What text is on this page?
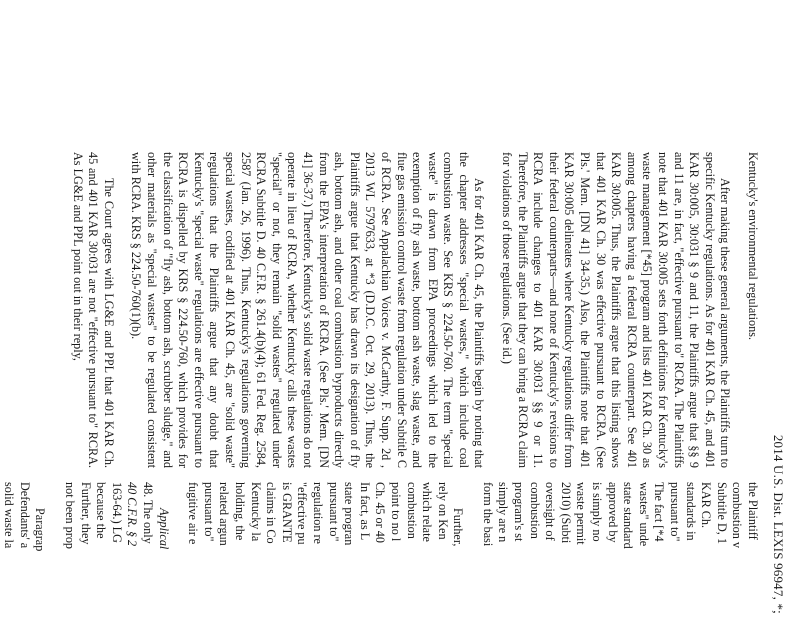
2014 U.S. Dist. LEXIS 96947, *;

Kentucky's environmental regulations.

After making these general arguments, the Plaintiffs turn to specific Kentucky regulations. As for 401 KAR Ch. 45, and 401 KAR 30:005, 30:031 § 9 and 11, the Plaintiffs argue that §§ 9 and 11 are, in fact, "effective pursuant to" RCRA. The Plaintiffs note that 401 KAR 30:005 sets forth definitions for Kentucky's waste management [*45] program and lists 401 KAR Ch. 30 as among chapters having a federal RCRA counterpart. See 401 KAR 30:005. Thus, the Plaintiffs argue that this listing shows that 401 KAR Ch. 30 was effective pursuant to RCRA. (See Pls.' Mem. [DN 41] 34-35.) Also, the Plaintiffs note that 401 KAR 30:005 delineates where Kentucky regulations differ from their federal counterparts—and none of Kentucky's revisions to RCRA include changes to 401 KAR 30:031 §§ 9 or 11. Therefore, the Plaintiffs argue that they can bring a RCRA claim for violations of those regulations. (See id.)

As for 401 KAR Ch. 45, the Plaintiffs begin by noting that the chapter addresses "special wastes," which include coal combustion waste. See KRS § 224.50-760. The term "special waste" is drawn from EPA proceedings which led to the exemption of fly ash waste, bottom ash waste, slag waste, and flue gas emission control waste from regulation under Subtitle C of RCRA. See Appalachian Voices v. McCarthy, F. Supp. 2d , 2013 WL 5797633, at *3 (D.D.C. Oct. 29, 2013). Thus, the Plaintiffs argue that Kentucky has drawn its designation of fly ash, bottom ash, and other coal combustion byproducts directly from the EPA's interpretation of RCRA. (See Pls.' Mem. [DN 41] 36-37.) Therefore, Kentucky's solid waste regulations do not operate in lieu of RCRA, whether Kentucky calls these wastes "special" or not, they remain "solid wastes" regulated under RCRA Subtitle D. 40 C.F.R. § 261.4(b)(4); 61 Fed. Reg. 2584, 2587 (Jan. 26, 1996). Thus, Kentucky's regulations governing special wastes, codified at 401 KAR Ch. 45, are "solid waste" regulations that the Plaintiffs argue that any doubt that Kentucky's "special waste" regulations are effective pursuant to RCRA is dispelled by KRS § 224.50-760, which provides for the classification of "fly ash, bottom ash, scrubber sludge," and other materials as "special wastes" to be regulated consistent with RCRA. KRS § 224.50-760(1)(b).

The Court agrees with LG&E and PPL that 401 KAR Ch. 45 and 401 KAR 30:031 are not "effective pursuant to" RCRA. As LG&E and PPL point out in their reply,

the Plaintiff
combustion v
Subtitle D, 1
KAR Ch.
standards in
pursuant to"
The fact [*4
wastes" unde
state standard
approved by
is simply no
waste permit
2010) (Subti
oversight of
combustion
program's st
simply are n
form the basi
Further,
rely on Ken
which relate
combustion
point to no l
Ch. 45 or 40
In fact, as L
state progran
pursuant to"
regulation re
"effective pu
is GRANTE
claims in Co
Kentucky la
holding, the
related argun
pursuant to"
fugitive air e
Applical
48. The only
40 C.F.R. § 2
163-64.) LG
because the
Further, they
not been prop
Paragrap
Defendants' a
solid waste la
